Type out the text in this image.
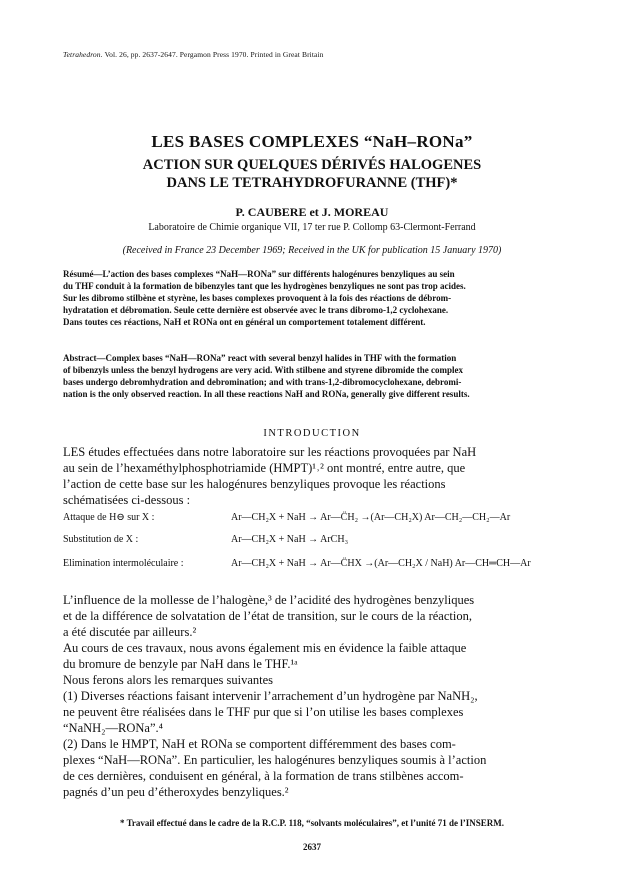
Tetrahedron. Vol. 26, pp. 2637-2647. Pergamon Press 1970. Printed in Great Britain
LES BASES COMPLEXES “NaH–RONa”
ACTION SUR QUELQUES DÉRIVÉS HALOGENES
DANS LE TETRAHYDROFURANNE (THF)*
P. CAUBERE et J. MOREAU
Laboratoire de Chimie organique VII, 17 ter rue P. Collomp 63-Clermont-Ferrand
(Received in France 23 December 1969; Received in the UK for publication 15 January 1970)
Résumé—L’action des bases complexes “NaH—RONa” sur différents halogénures benzyliques au sein
du THF conduit à la formation de bibenzyles tant que les hydrogènes benzyliques ne sont pas trop acides.
Sur les dibromo stilbène et styrène, les bases complexes provoquent à la fois des réactions de débrom-
hydratation et débromation. Seule cette dernière est observée avec le trans dibromo-1,2 cyclohexane.
Dans toutes ces réactions, NaH et RONa ont en général un comportement totalement différent.
Abstract—Complex bases “NaH—RONa” react with several benzyl halides in THF with the formation
of bibenzyls unless the benzyl hydrogens are very acid. With stilbene and styrene dibromide the complex
bases undergo debromhydration and debromination; and with trans-1,2-dibromocyclohexane, debromi-
nation is the only observed reaction. In all these reactions NaH and RONa, generally give different results.
INTRODUCTION
LES études effectuées dans notre laboratoire sur les réactions provoquées par NaH
au sein de l’hexaméthylphosphotriamide (HMPT)¹˒² ont montré, entre autre, que
l’action de cette base sur les halogénures benzyliques provoque les réactions
schématisées ci-dessous :
Attaque de H⊖ sur X :	Ar—CH₂X + NaH → Ar—C̈H₂ →(Ar—CH₂X) Ar—CH₂—CH₂—Ar
Substitution de X :	Ar—CH₂X + NaH → ArCH₃
Elimination intermoléculaire :	Ar—CH₂X + NaH → Ar—C̈HX →(Ar—CH₂X / NaH) Ar—CH═CH—Ar
L’influence de la mollesse de l’halogène,³ de l’acidité des hydrogènes benzyliques
et de la différence de solvatation de l’état de transition, sur le cours de la réaction,
a été discutée par ailleurs.²
Au cours de ces travaux, nous avons également mis en évidence la faible attaque
du bromure de benzyle par NaH dans le THF.¹ᵃ
Nous ferons alors les remarques suivantes
(1) Diverses réactions faisant intervenir l’arrachement d’un hydrogène par NaNH₂,
ne peuvent être réalisées dans le THF pur que si l’on utilise les bases complexes
“NaNH₂—RONa”.⁴
(2) Dans le HMPT, NaH et RONa se comportent différemment des bases com-
plexes “NaH—RONa”. En particulier, les halogénures benzyliques soumis à l’action
de ces dernières, conduisent en général, à la formation de trans stilbènes accom-
pagnés d’un peu d’étheroxydes benzyliques.²
* Travail effectué dans le cadre de la R.C.P. 118, “solvants moléculaires”, et l’unité 71 de l’INSERM.
2637
